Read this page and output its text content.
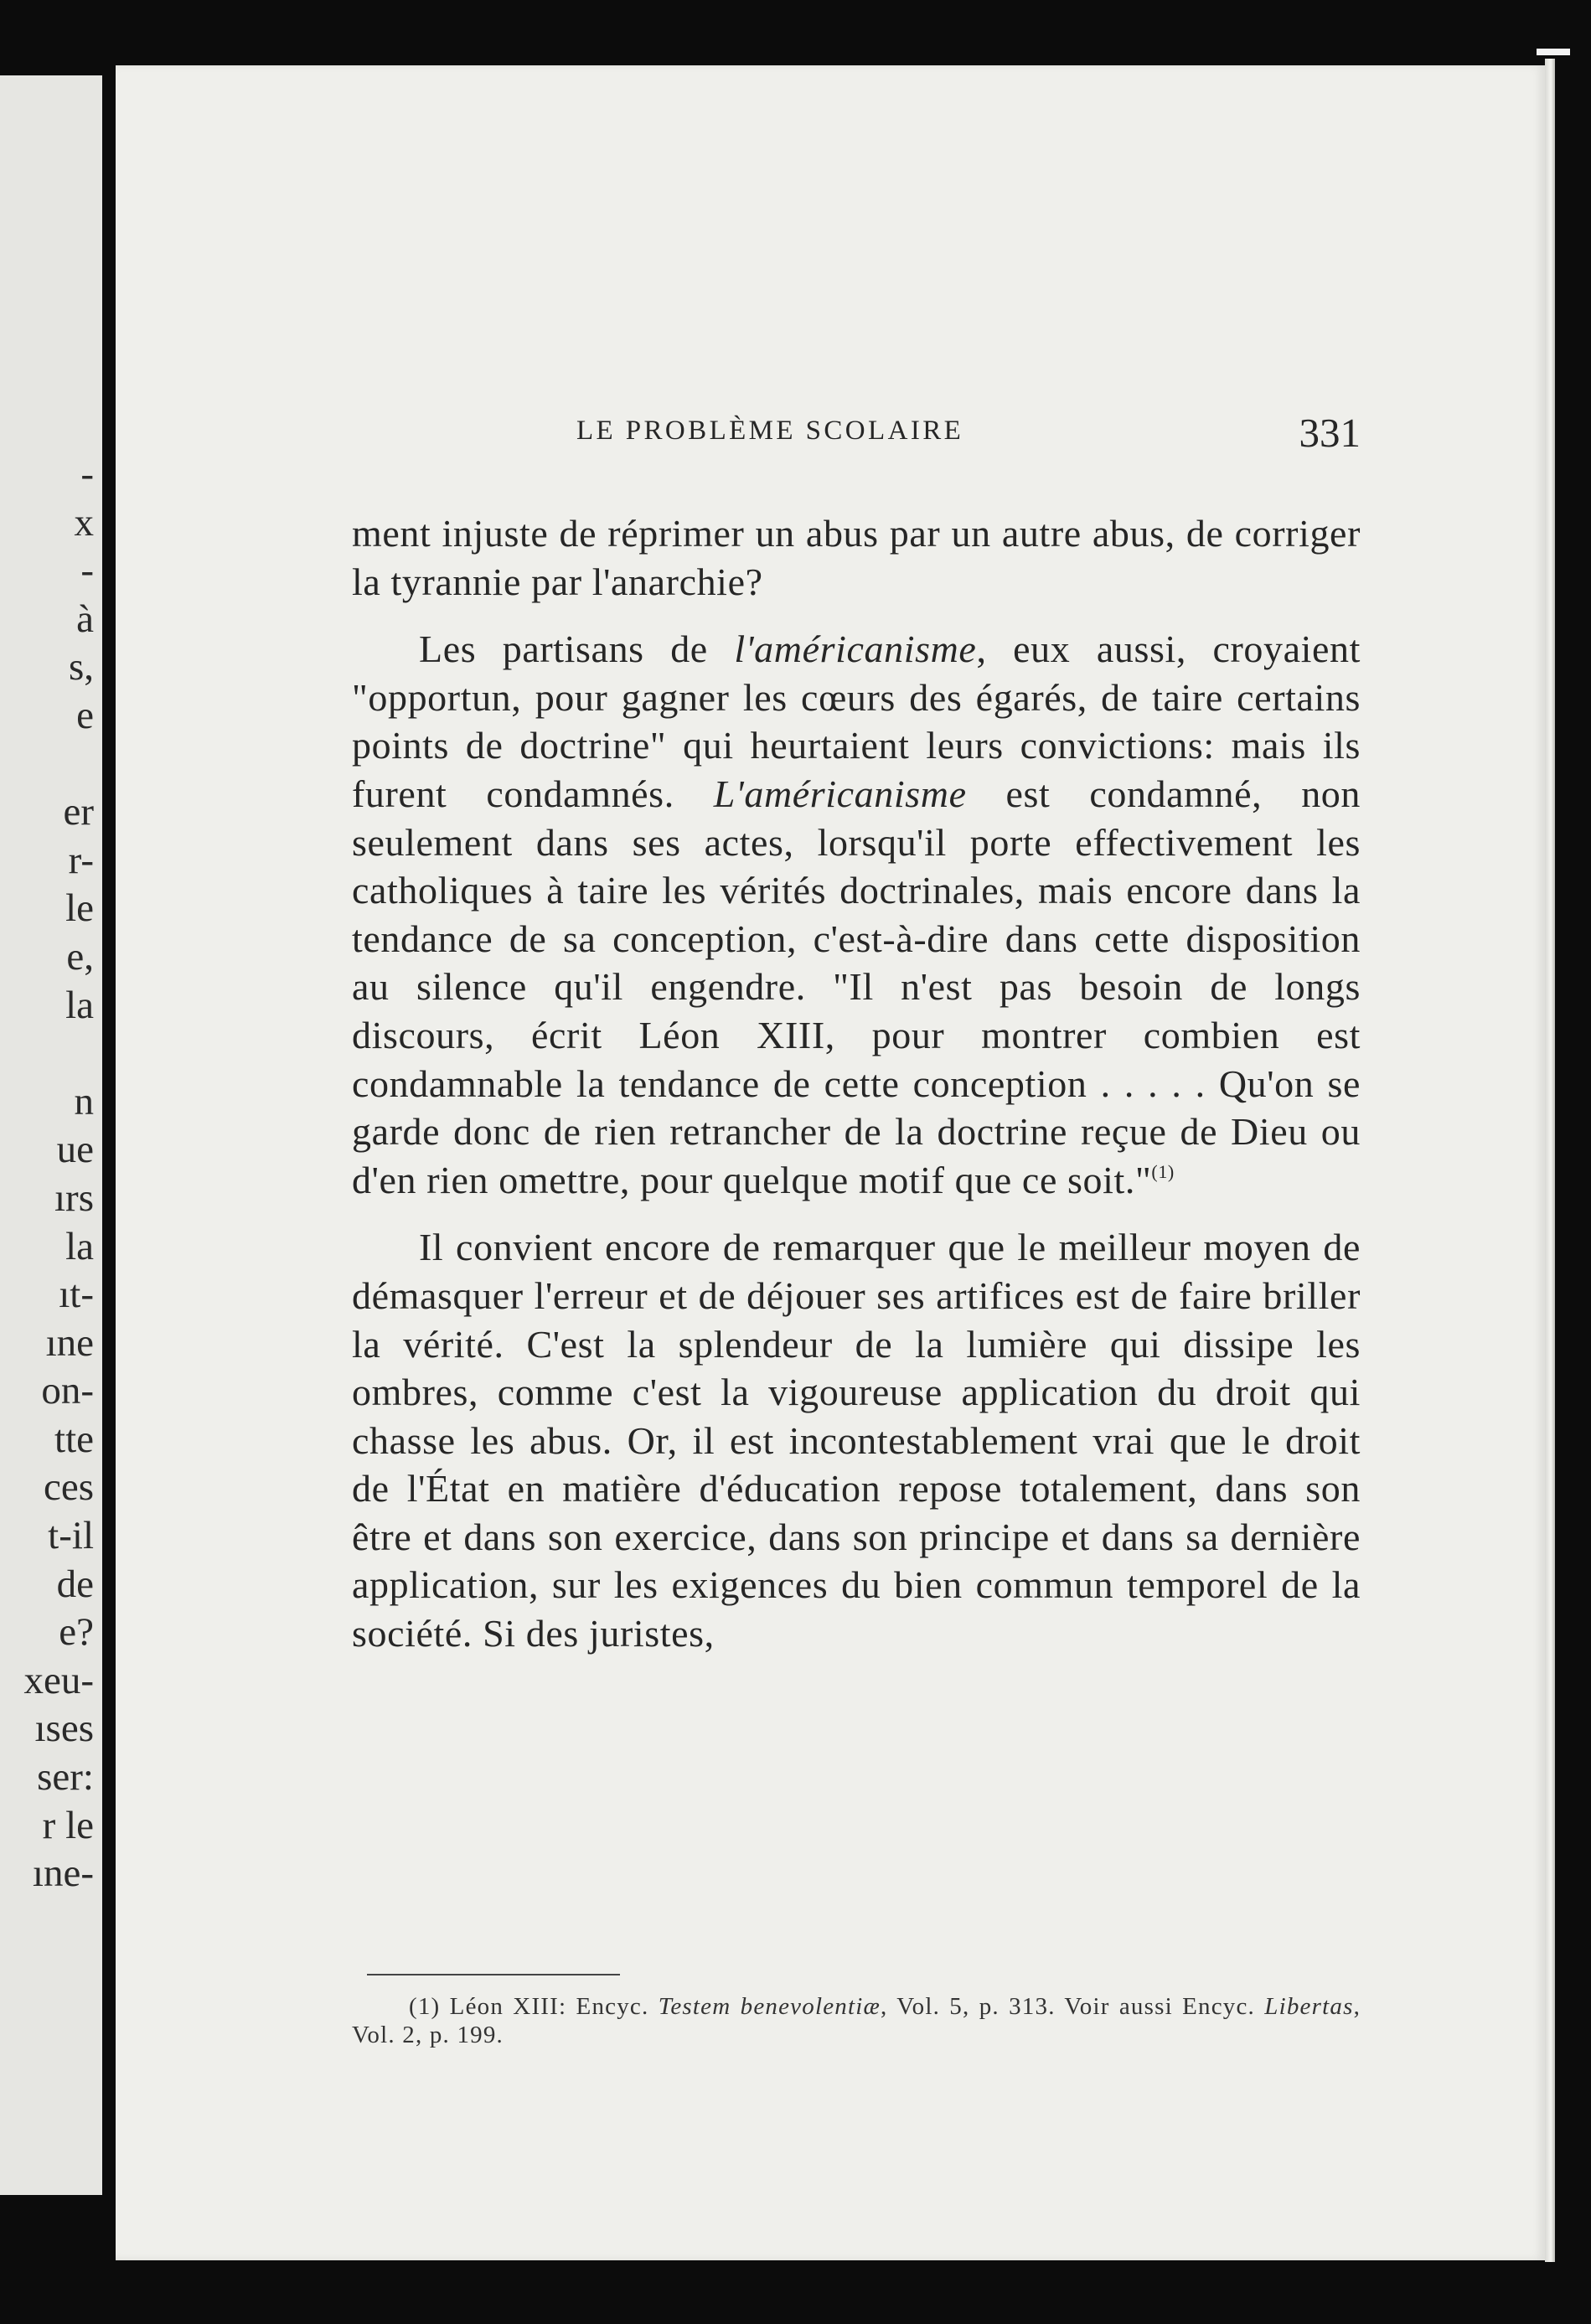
-
x
-
à
s,
e
er
r-
le
e,
la
n
ue
ırs
la
ıt-
ıne
on-
tte
ces
t-il
de
e?
xeu-
ıses
ser:
r le
ıne-
LE PROBLÈME SCOLAIRE	331

ment injuste de réprimer un abus par un autre abus, de corriger la tyrannie par l'anarchie?

Les partisans de l'américanisme, eux aussi, croyaient "opportun, pour gagner les cœurs des égarés, de taire certains points de doctrine" qui heurtaient leurs convictions: mais ils furent condamnés. L'américanisme est condamné, non seulement dans ses actes, lorsqu'il porte effectivement les catholiques à taire les vérités doctrinales, mais encore dans la tendance de sa conception, c'est-à-dire dans cette disposition au silence qu'il engendre. "Il n'est pas besoin de longs discours, écrit Léon XIII, pour montrer combien est condamnable la tendance de cette conception . . . . . Qu'on se garde donc de rien retrancher de la doctrine reçue de Dieu ou d'en rien omettre, pour quelque motif que ce soit."$^{(1)}$

Il convient encore de remarquer que le meilleur moyen de démasquer l'erreur et de déjouer ses artifices est de faire briller la vérité. C'est la splendeur de la lumière qui dissipe les ombres, comme c'est la vigoureuse application du droit qui chasse les abus. Or, il est incontestablement vrai que le droit de l'État en matière d'éducation repose totalement, dans son être et dans son exercice, dans son principe et dans sa dernière application, sur les exigences du bien commun temporel de la société. Si des juristes,

(1) Léon XIII: Encyc. Testem benevolentiæ, Vol. 5, p. 313. Voir aussi Encyc. Libertas, Vol. 2, p. 199.
